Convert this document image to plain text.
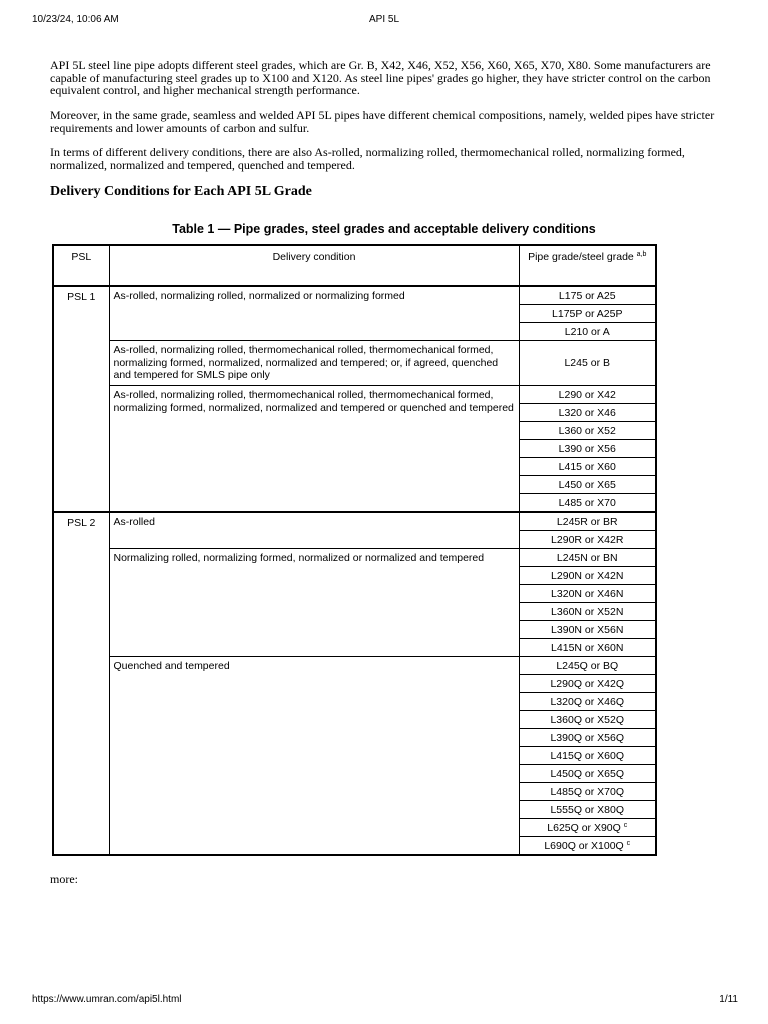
10/23/24, 10:06 AM	API 5L

API 5L steel line pipe adopts different steel grades, which are Gr. B, X42, X46, X52, X56, X60, X65, X70, X80. Some manufacturers are capable of manufacturing steel grades up to X100 and X120. As steel line pipes' grades go higher, they have stricter control on the carbon equivalent control, and higher mechanical strength performance.

Moreover, in the same grade, seamless and welded API 5L pipes have different chemical compositions, namely, welded pipes have stricter requirements and lower amounts of carbon and sulfur.

In terms of different delivery conditions, there are also As-rolled, normalizing rolled, thermomechanical rolled, normalizing formed, normalized, normalized and tempered, quenched and tempered.

Delivery Conditions for Each API 5L Grade
Table 1 — Pipe grades, steel grades and acceptable delivery conditions
PSL	Delivery condition	Pipe grade/steel grade $^{a,b}$
PSL 1	As-rolled, normalizing rolled, normalized or normalizing formed	L175 or A25
		L175P or A25P
		L210 or A
	As-rolled, normalizing rolled, thermomechanical rolled, thermomechanical formed, normalizing formed, normalized, normalized and tempered; or, if agreed, quenched and tempered for SMLS pipe only	L245 or B
	As-rolled, normalizing rolled, thermomechanical rolled, thermomechanical formed, normalizing formed, normalized, normalized and tempered or quenched and tempered	L290 or X42
		L320 or X46
		L360 or X52
		L390 or X56
		L415 or X60
		L450 or X65
		L485 or X70
PSL 2	As-rolled	L245R or BR
		L290R or X42R
	Normalizing rolled, normalizing formed, normalized or normalized and tempered	L245N or BN
		L290N or X42N
		L320N or X46N
		L360N or X52N
		L390N or X56N
		L415N or X60N
	Quenched and tempered	L245Q or BQ
		L290Q or X42Q
		L320Q or X46Q
		L360Q or X52Q
		L390Q or X56Q
		L415Q or X60Q
		L450Q or X65Q
		L485Q or X70Q
		L555Q or X80Q
		L625Q or X90Q $^c$
		L690Q or X100Q $^c$
more:
https://www.umran.com/api5l.html	1/11
